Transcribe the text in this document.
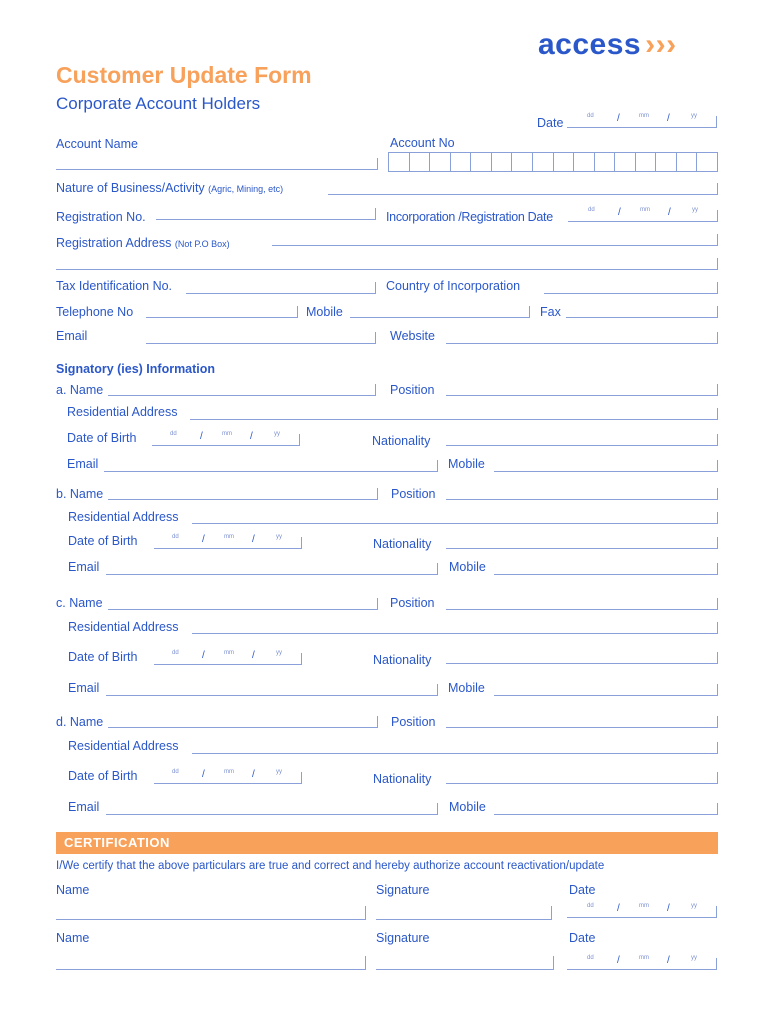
access ›››
Customer Update Form
Corporate Account Holders
Date	dd /	mm /	yy
Account Name	Account No
Nature of Business/Activity (Agric, Mining, etc)
Registration No.	Incorporation /Registration Date	dd /	mm /	yy
Registration Address (Not P.O Box)
Tax Identification No.	Country of Incorporation
Telephone No	Mobile	Fax
Email	Website
Signatory (ies) Information
a. Name	Position
Residential Address
Date of Birth	dd /	mm /	yy	Nationality
Email	Mobile
b. Name	Position
Residential Address
Date of Birth	dd /	mm /	yy	Nationality
Email	Mobile
c. Name	Position
Residential Address
Date of Birth	dd /	mm /	yy	Nationality
Email	Mobile
d. Name	Position
Residential Address
Date of Birth	dd /	mm /	yy	Nationality
Email	Mobile
CERTIFICATION
I/We certify that the above particulars are true and correct and hereby authorize account reactivation/update
Name	Signature	Date
dd /	mm /	yy
Name	Signature	Date
dd /	mm /	yy
